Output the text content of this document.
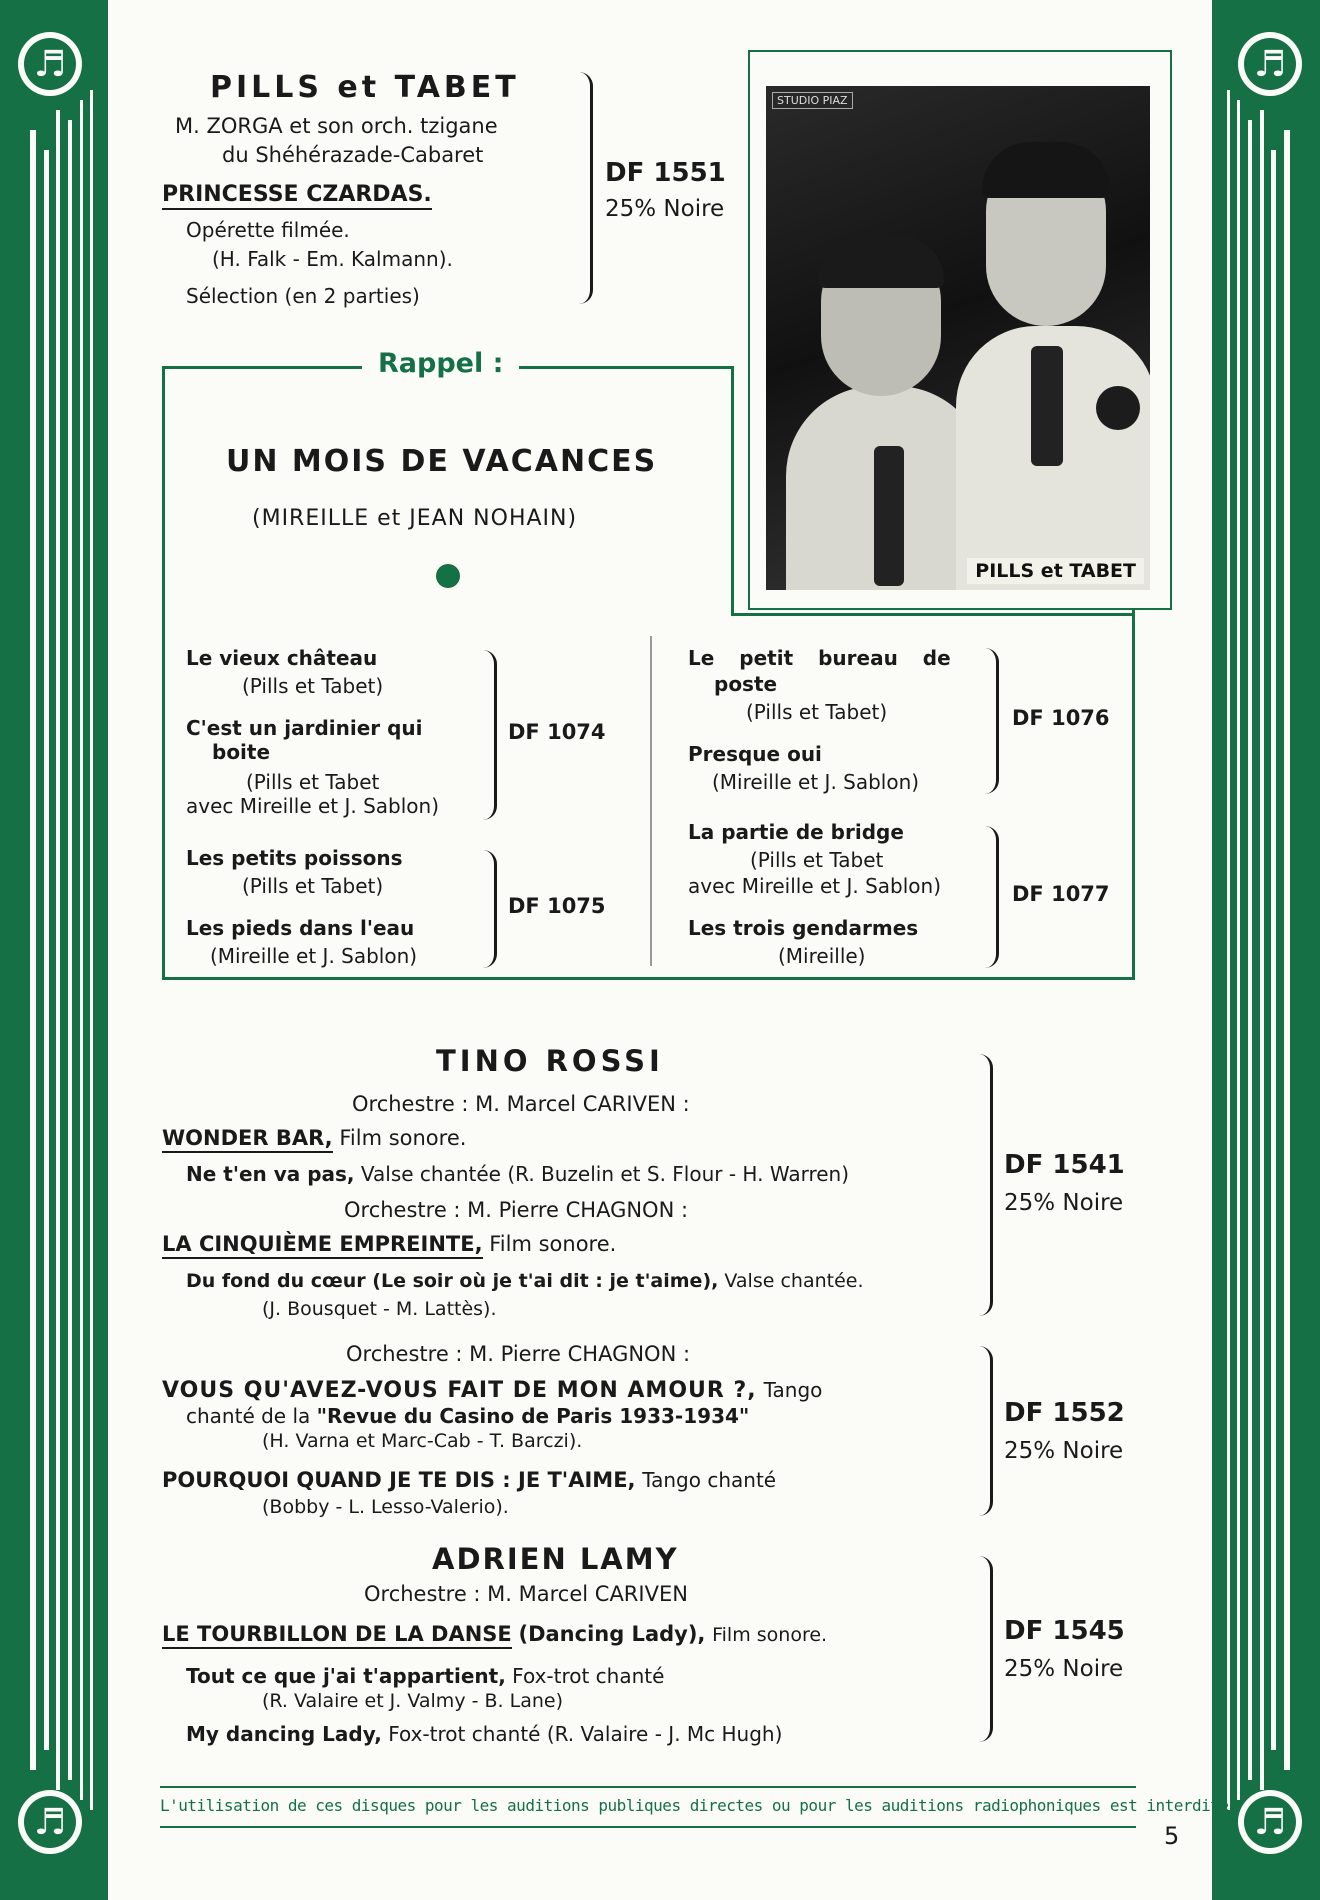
♬
♬
♬
♬
PILLS et TABET
M. ZORGA et son orch. tzigane
du Shéhérazade-Cabaret
PRINCESSE CZARDAS.
Opérette filmée.
(H. Falk - Em. Kalmann).
Sélection (en 2 parties)
DF 1551
25% Noire
STUDIO PIAZ
PILLS et TABET
Rappel :
UN MOIS DE VACANCES
(MIREILLE et JEAN NOHAIN)
Le vieux château
(Pills et Tabet)
C'est un jardinier qui
boite
(Pills et Tabet
avec Mireille et J. Sablon)
DF 1074
Les petits poissons
(Pills et Tabet)
Les pieds dans l'eau
(Mireille et J. Sablon)
DF 1075
Le petit bureau de
poste
(Pills et Tabet)
Presque oui
(Mireille et J. Sablon)
DF 1076
La partie de bridge
(Pills et Tabet
avec Mireille et J. Sablon)
Les trois gendarmes
(Mireille)
DF 1077
TINO ROSSI
Orchestre : M. Marcel CARIVEN :
WONDER BAR, Film sonore.
Ne t'en va pas, Valse chantée (R. Buzelin et S. Flour - H. Warren)
Orchestre : M. Pierre CHAGNON :
LA CINQUIÈME EMPREINTE, Film sonore.
Du fond du cœur (Le soir où je t'ai dit : je t'aime), Valse chantée.
(J. Bousquet - M. Lattès).
DF 1541
25% Noire
Orchestre : M. Pierre CHAGNON :
VOUS QU'AVEZ-VOUS FAIT DE MON AMOUR ?, Tango
chanté de la "Revue du Casino de Paris 1933-1934"
(H. Varna et Marc-Cab - T. Barczi).
POURQUOI QUAND JE TE DIS : JE T'AIME, Tango chanté
(Bobby - L. Lesso-Valerio).
DF 1552
25% Noire
ADRIEN LAMY
Orchestre : M. Marcel CARIVEN
LE TOURBILLON DE LA DANSE (Dancing Lady), Film sonore.
Tout ce que j'ai t'appartient, Fox-trot chanté
(R. Valaire et J. Valmy - B. Lane)
My dancing Lady, Fox-trot chanté (R. Valaire - J. Mc Hugh)
DF 1545
25% Noire
L'utilisation de ces disques pour les auditions publiques directes ou pour les auditions radiophoniques est interdite
5
